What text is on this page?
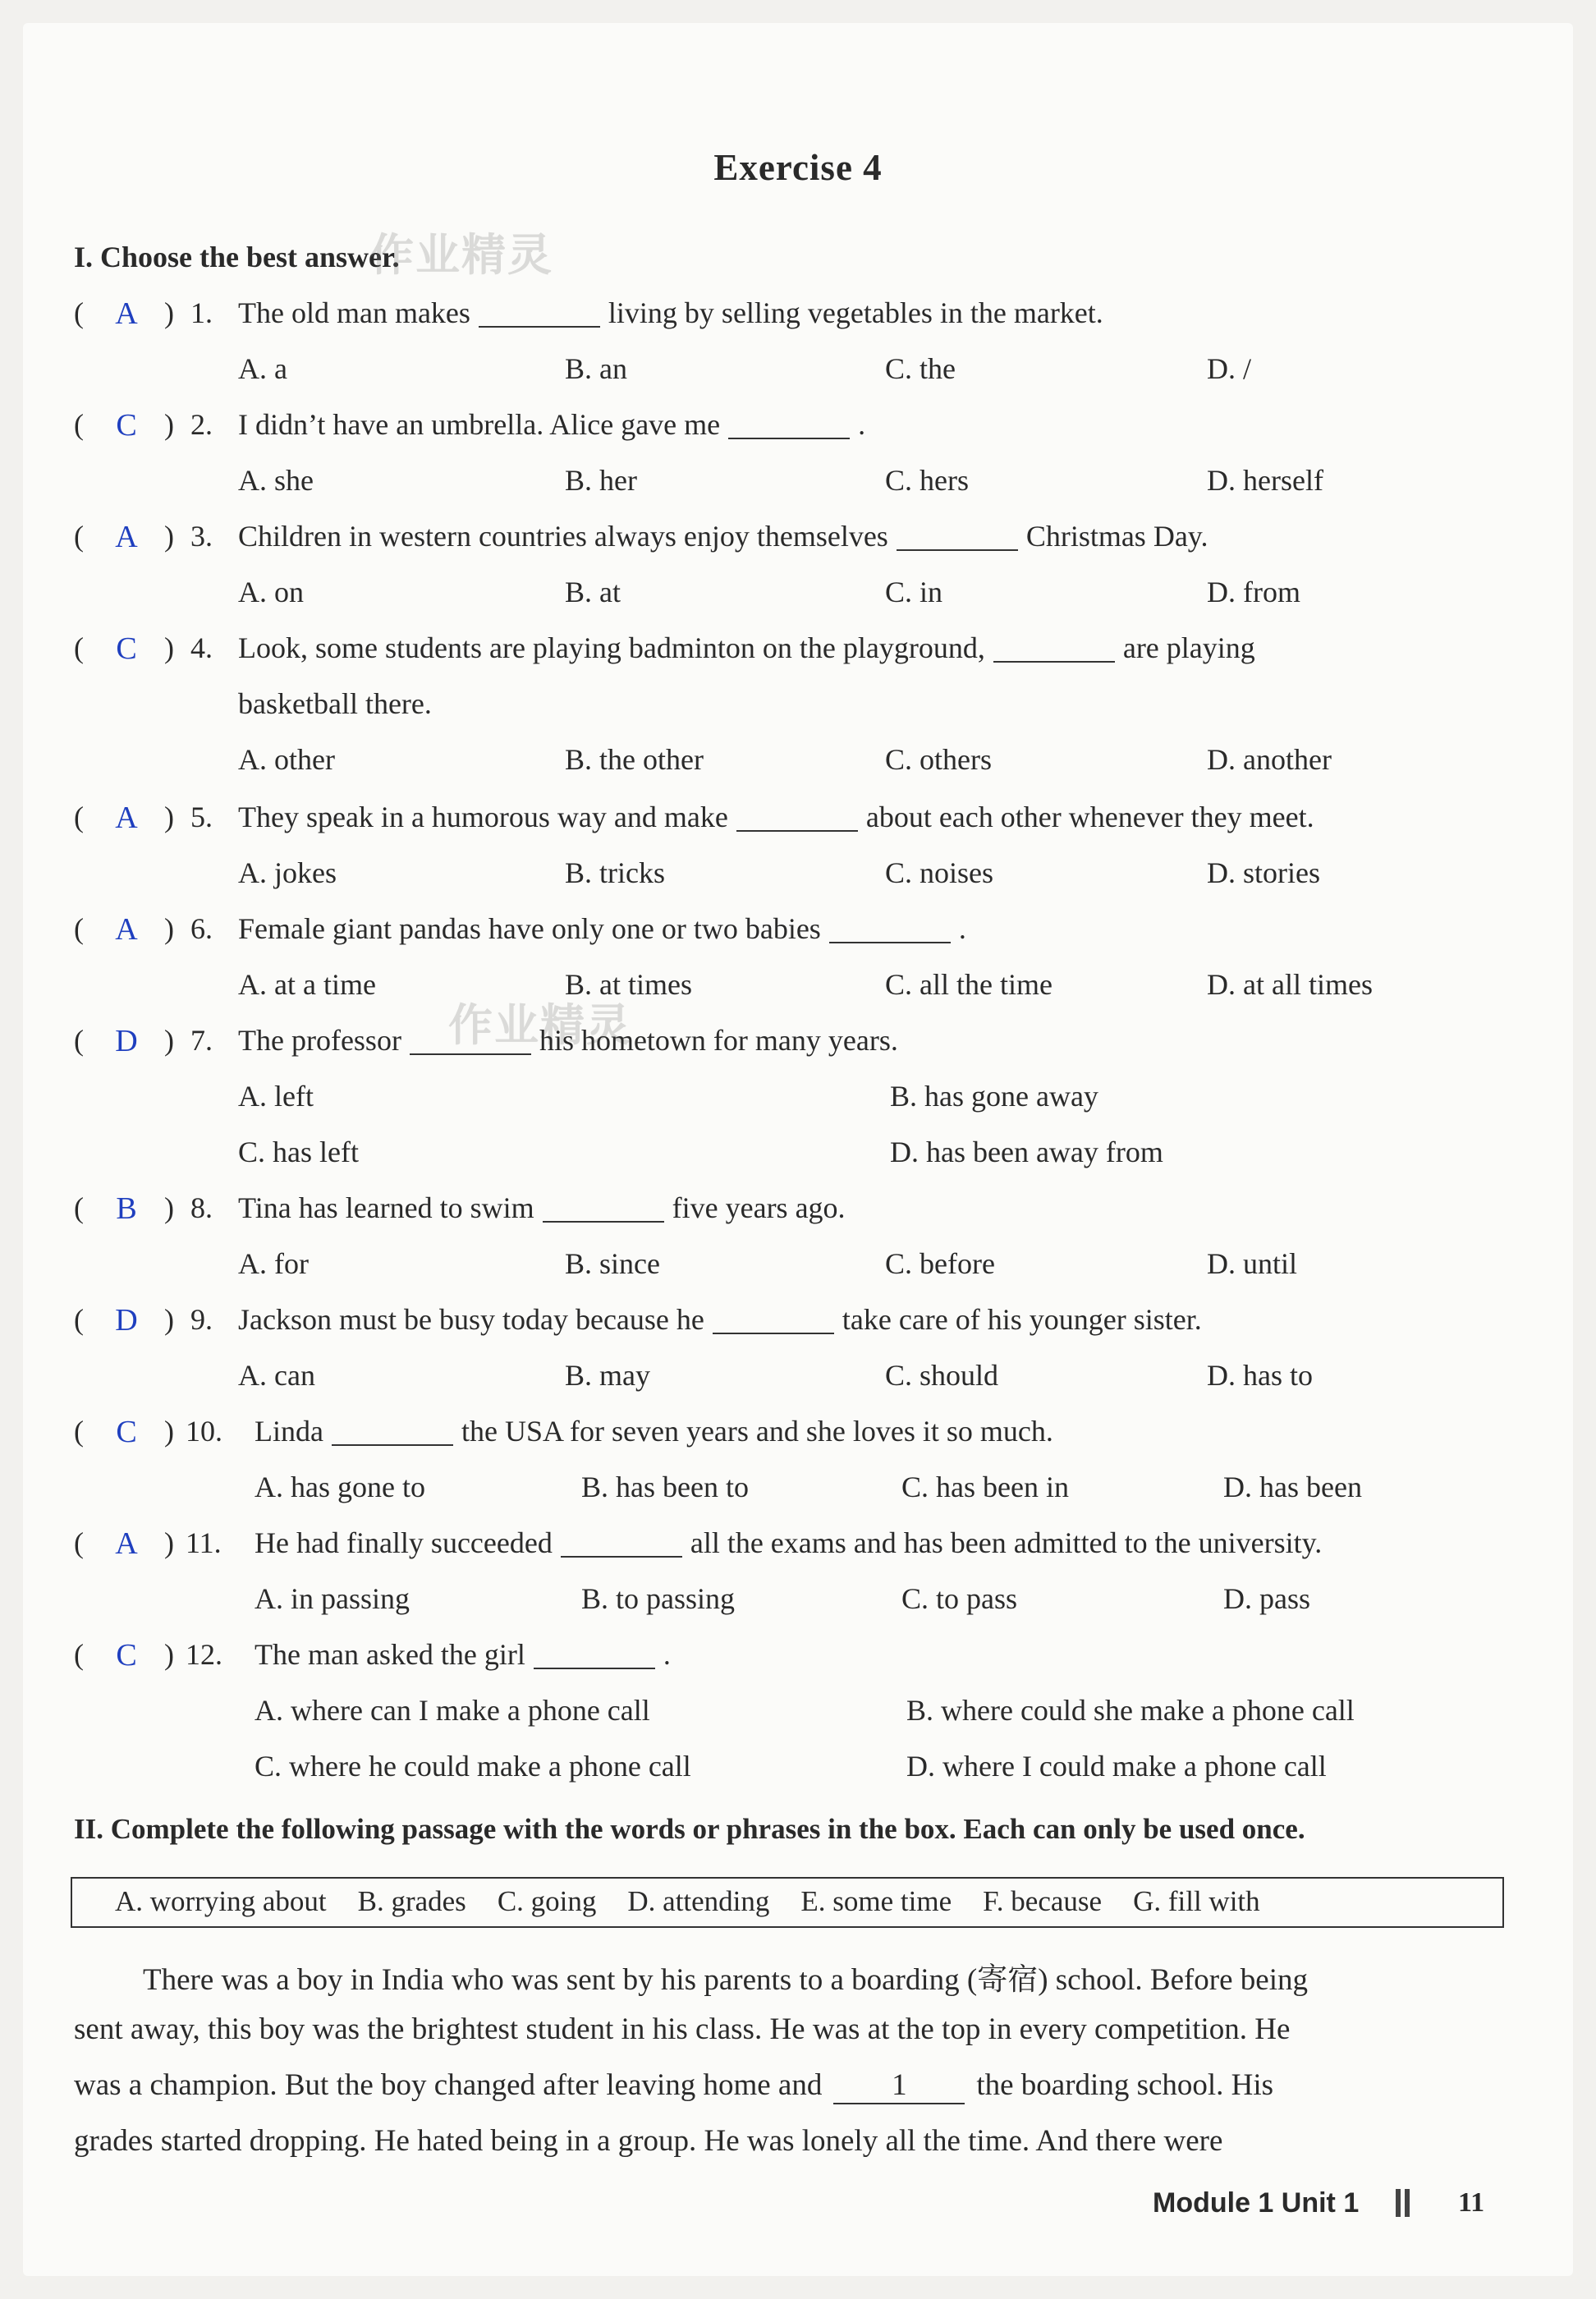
Exercise 4
I. Choose the best answer.
作业精灵
作业精灵
( A ) 1. The old man makes	living by selling vegetables in the market.
A. a	B. an	C. the	D. /
( C ) 2. I didn’t have an umbrella. Alice gave me	.
A. she	B. her	C. hers	D. herself
( A ) 3. Children in western countries always enjoy themselves	Christmas Day.
A. on	B. at	C. in	D. from
( C ) 4. Look, some students are playing badminton on the playground,	are playing
basketball there.
A. other	B. the other	C. others	D. another
( A ) 5. They speak in a humorous way and make	about each other whenever they meet.
A. jokes	B. tricks	C. noises	D. stories
( A ) 6. Female giant pandas have only one or two babies	.
A. at a time	B. at times	C. all the time	D. at all times
( D ) 7. The professor	his hometown for many years.
A. left	B. has gone away
C. has left	D. has been away from
( B ) 8. Tina has learned to swim	five years ago.
A. for	B. since	C. before	D. until
( D ) 9. Jackson must be busy today because he	take care of his younger sister.
A. can	B. may	C. should	D. has to
( C ) 10. Linda	the USA for seven years and she loves it so much.
A. has gone to	B. has been to	C. has been in	D. has been
( A ) 11. He had finally succeeded	all the exams and has been admitted to the university.
A. in passing	B. to passing	C. to pass	D. pass
( C ) 12. The man asked the girl	.
A. where can I make a phone call	B. where could she make a phone call
C. where he could make a phone call	D. where I could make a phone call
II. Complete the following passage with the words or phrases in the box. Each can only be used once.
A. worrying about B. grades C. going D. attending E. some time F. because G. fill with
There was a boy in India who was sent by his parents to a boarding (寄宿) school. Before being
sent away, this boy was the brightest student in his class. He was at the top in every competition. He
was a champion. But the boy changed after leaving home and 1 the boarding school. His
grades started dropping. He hated being in a group. He was lonely all the time. And there were
Module 1 Unit 1	11
